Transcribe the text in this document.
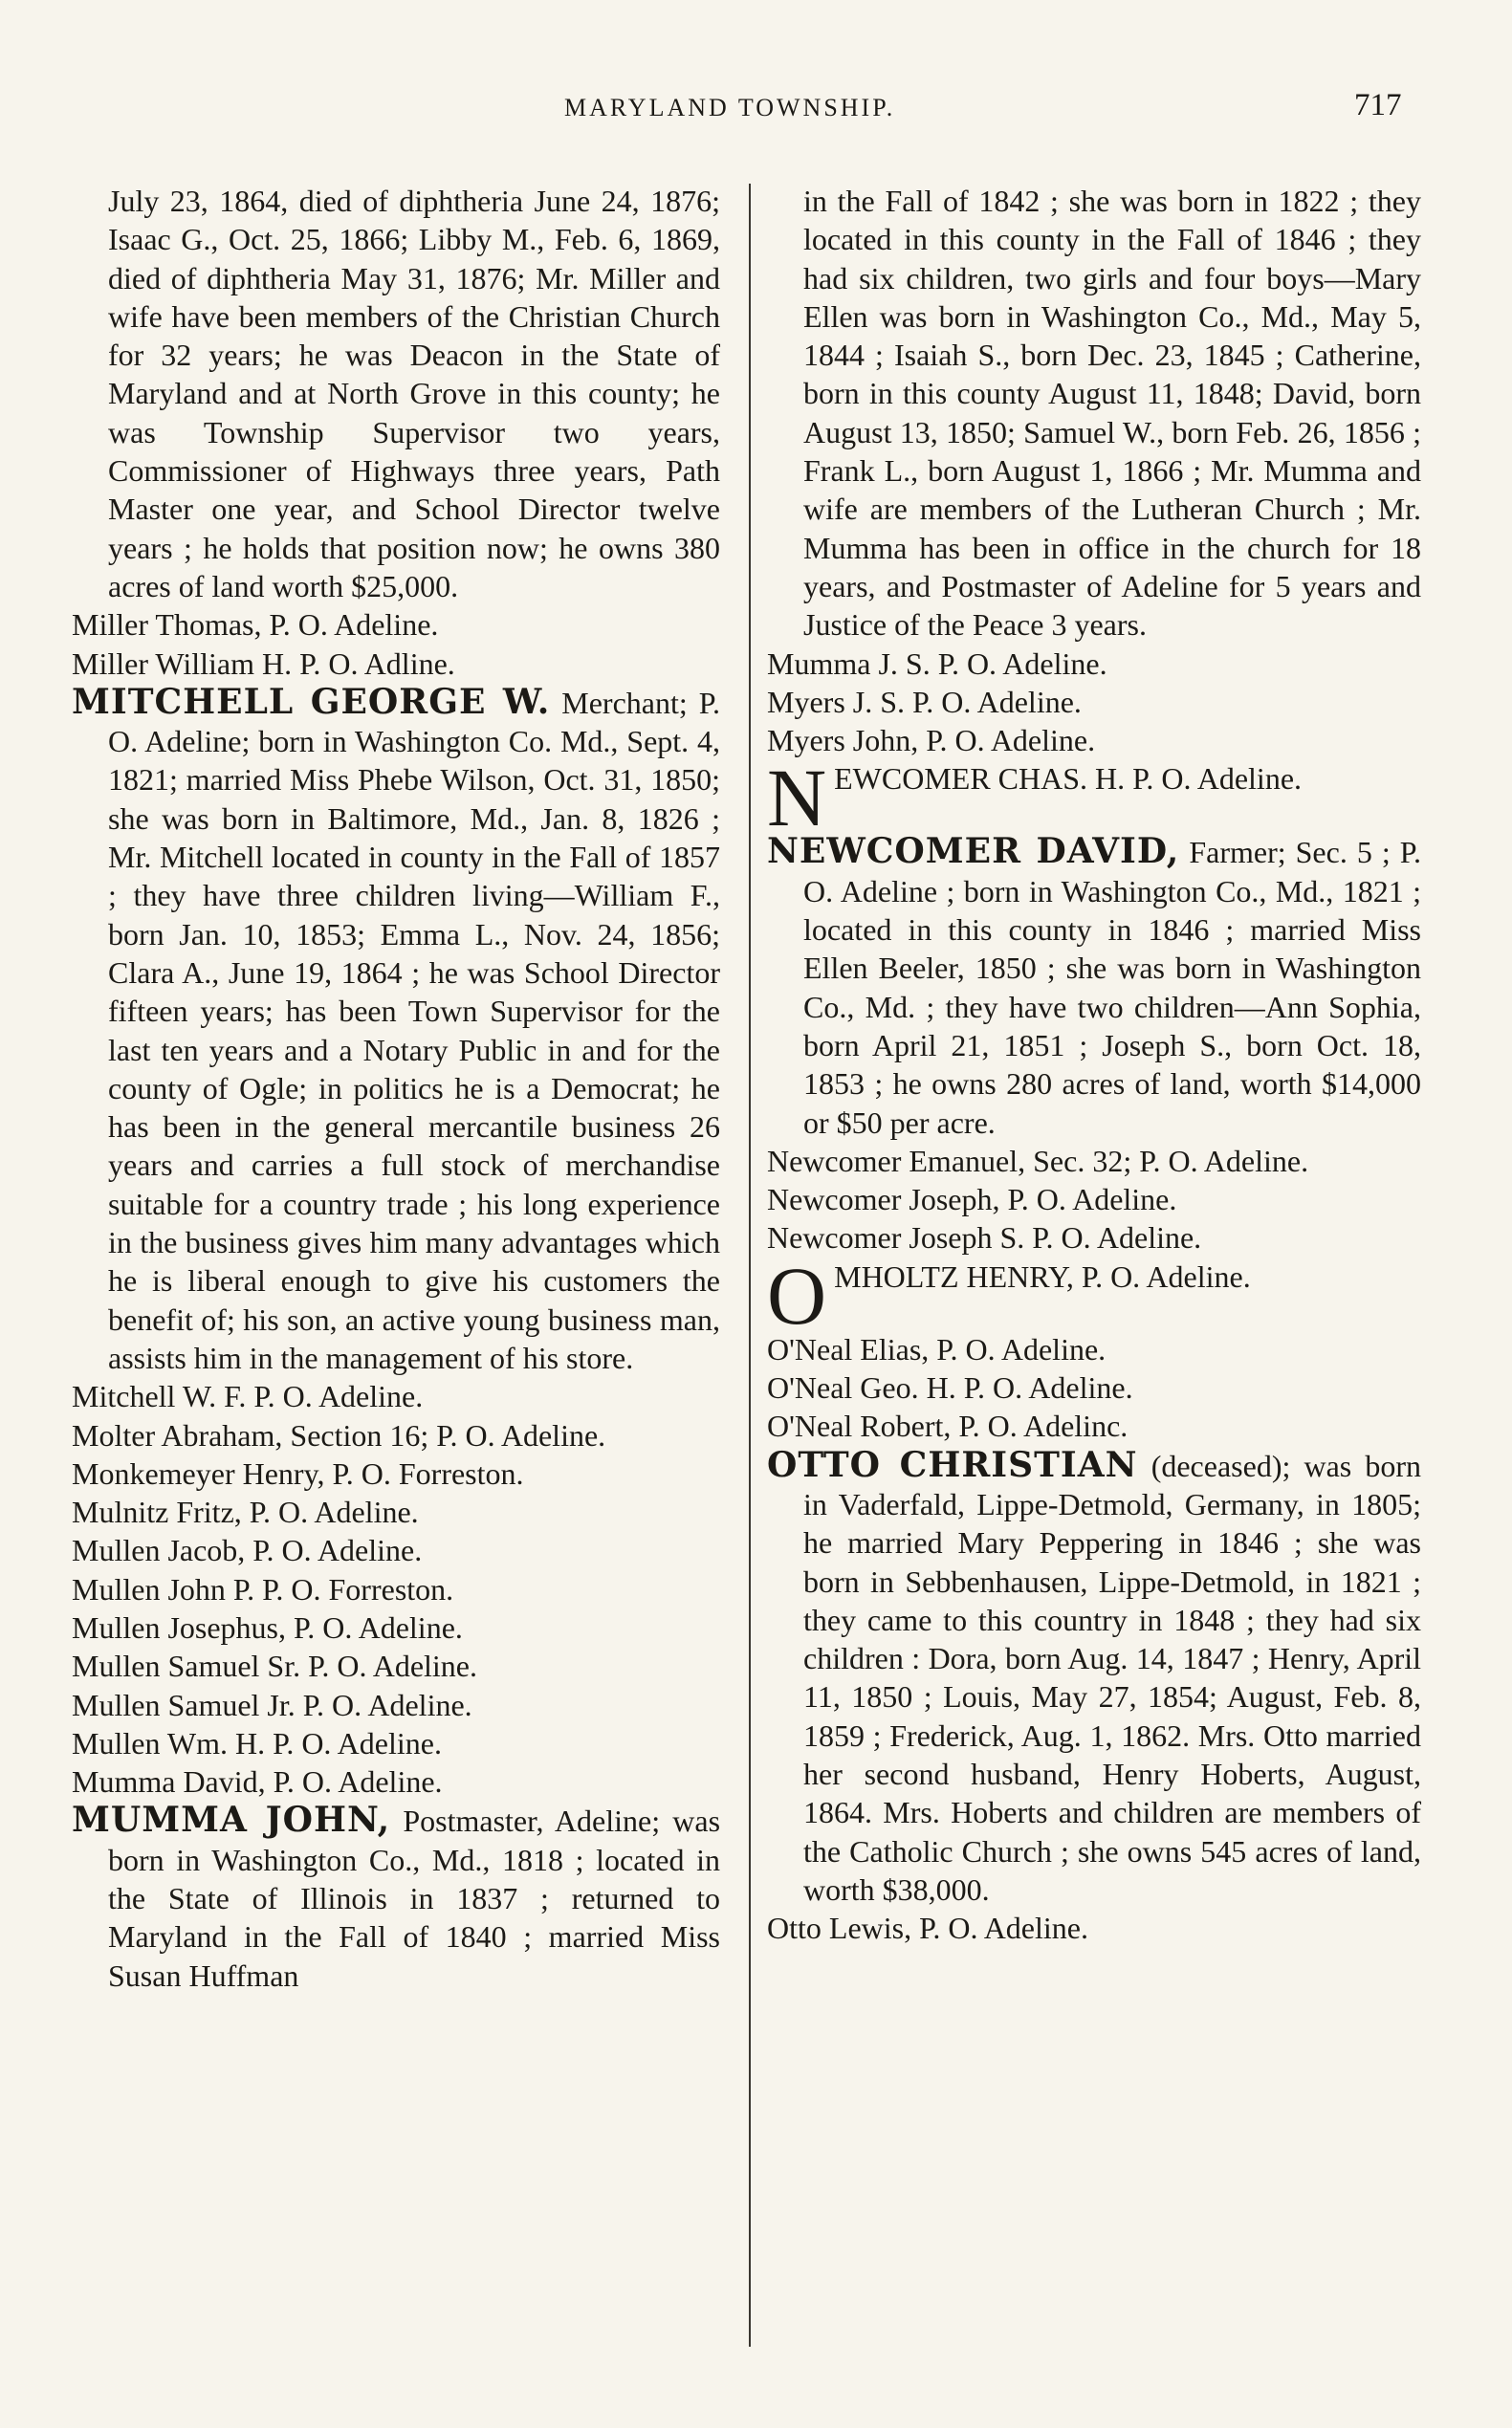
MARYLAND TOWNSHIP.	717
July 23, 1864, died of diphtheria June 24, 1876; Isaac G., Oct. 25, 1866; Libby M., Feb. 6, 1869, died of diphtheria May 31, 1876; Mr. Miller and wife have been members of the Christian Church for 32 years; he was Deacon in the State of Maryland and at North Grove in this county; he was Township Supervisor two years, Commissioner of Highways three years, Path Master one year, and School Director twelve years ; he holds that position now; he owns 380 acres of land worth $25,000.
Miller Thomas, P. O. Adeline.
Miller William H. P. O. Adline.
MITCHELL GEORGE W. Merchant; P. O. Adeline; born in Washington Co. Md., Sept. 4, 1821; married Miss Phebe Wilson, Oct. 31, 1850; she was born in Baltimore, Md., Jan. 8, 1826 ; Mr. Mitchell located in county in the Fall of 1857 ; they have three children living—William F., born Jan. 10, 1853; Emma L., Nov. 24, 1856; Clara A., June 19, 1864 ; he was School Director fifteen years; has been Town Supervisor for the last ten years and a Notary Public in and for the county of Ogle; in politics he is a Democrat; he has been in the general mercantile business 26 years and carries a full stock of merchandise suitable for a country trade ; his long experience in the business gives him many advantages which he is liberal enough to give his customers the benefit of; his son, an active young business man, assists him in the management of his store.
Mitchell W. F. P. O. Adeline.
Molter Abraham, Section 16; P. O. Adeline.
Monkemeyer Henry, P. O. Forreston.
Mulnitz Fritz, P. O. Adeline.
Mullen Jacob, P. O. Adeline.
Mullen John P. P. O. Forreston.
Mullen Josephus, P. O. Adeline.
Mullen Samuel Sr. P. O. Adeline.
Mullen Samuel Jr. P. O. Adeline.
Mullen Wm. H. P. O. Adeline.
Mumma David, P. O. Adeline.
MUMMA JOHN, Postmaster, Adeline; was born in Washington Co., Md., 1818 ; located in the State of Illinois in 1837 ; returned to Maryland in the Fall of 1840 ; married Miss Susan Huffman
in the Fall of 1842 ; she was born in 1822 ; they located in this county in the Fall of 1846 ; they had six children, two girls and four boys—Mary Ellen was born in Washington Co., Md., May 5, 1844 ; Isaiah S., born Dec. 23, 1845 ; Catherine, born in this county August 11, 1848; David, born August 13, 1850; Samuel W., born Feb. 26, 1856 ; Frank L., born August 1, 1866 ; Mr. Mumma and wife are members of the Lutheran Church ; Mr. Mumma has been in office in the church for 18 years, and Postmaster of Adeline for 5 years and Justice of the Peace 3 years.
Mumma J. S. P. O. Adeline.
Myers J. S. P. O. Adeline.
Myers John, P. O. Adeline.
N EWCOMER CHAS. H. P. O. Adeline.
NEWCOMER DAVID, Farmer; Sec. 5 ; P. O. Adeline ; born in Washington Co., Md., 1821 ; located in this county in 1846 ; married Miss Ellen Beeler, 1850 ; she was born in Washington Co., Md. ; they have two children—Ann Sophia, born April 21, 1851 ; Joseph S., born Oct. 18, 1853 ; he owns 280 acres of land, worth $14,000 or $50 per acre.
Newcomer Emanuel, Sec. 32; P. O. Adeline.
Newcomer Joseph, P. O. Adeline.
Newcomer Joseph S. P. O. Adeline.
O MHOLTZ HENRY, P. O. Adeline.
O'Neal Elias, P. O. Adeline.
O'Neal Geo. H. P. O. Adeline.
O'Neal Robert, P. O. Adelinc.
OTTO CHRISTIAN (deceased); was born in Vaderfald, Lippe-Detmold, Germany, in 1805; he married Mary Peppering in 1846 ; she was born in Sebbenhausen, Lippe-Detmold, in 1821 ; they came to this country in 1848 ; they had six children : Dora, born Aug. 14, 1847 ; Henry, April 11, 1850 ; Louis, May 27, 1854; August, Feb. 8, 1859 ; Frederick, Aug. 1, 1862. Mrs. Otto married her second husband, Henry Hoberts, August, 1864. Mrs. Hoberts and children are members of the Catholic Church ; she owns 545 acres of land, worth $38,000.
Otto Lewis, P. O. Adeline.
